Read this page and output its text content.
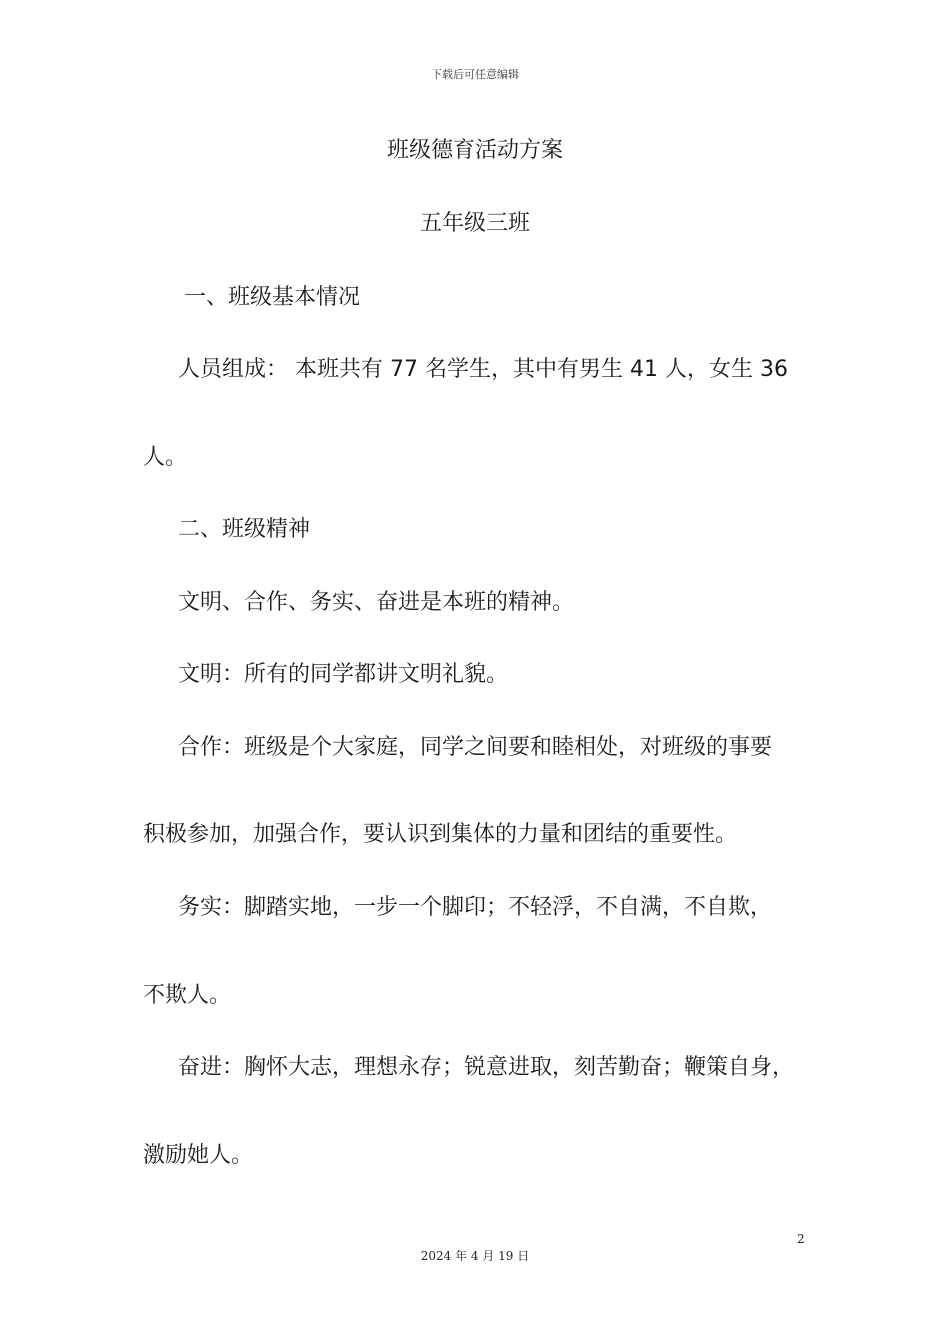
下载后可任意编辑
班级德育活动方案
五年级三班
一、班级基本情况
人员组成： 本班共有 77 名学生，其中有男生 41 人，女生 36
人。
二、班级精神
文明、合作、务实、奋进是本班的精神。
文明：所有的同学都讲文明礼貌。
合作：班级是个大家庭，同学之间要和睦相处，对班级的事要
积极参加，加强合作，要认识到集体的力量和团结的重要性。
务实：脚踏实地，一步一个脚印；不轻浮，不自满，不自欺，
不欺人。
奋进：胸怀大志，理想永存；锐意进取，刻苦勤奋；鞭策自身，
激励她人。
2
2024 年 4 月 19 日
